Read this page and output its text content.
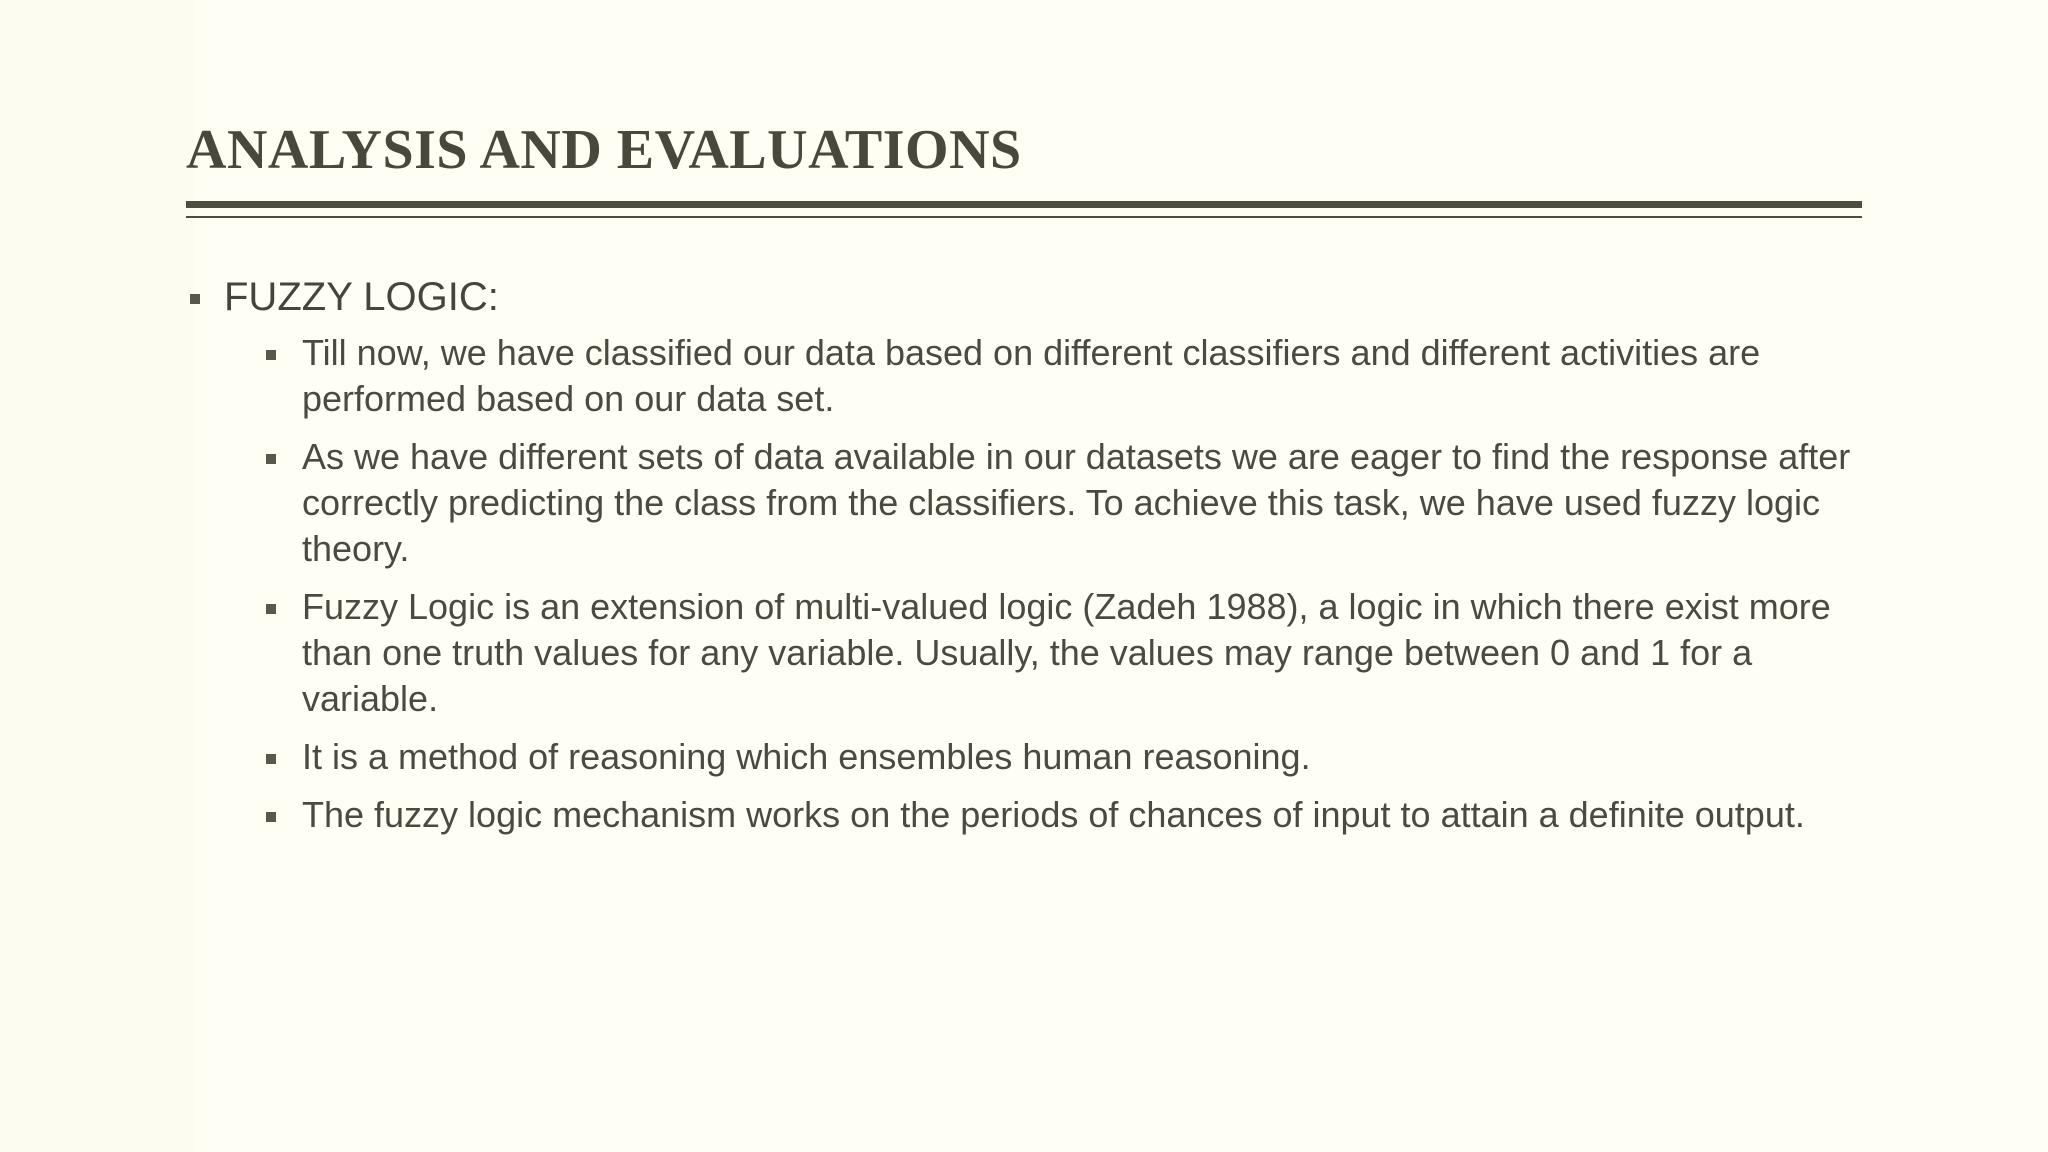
ANALYSIS AND EVALUATIONS
FUZZY LOGIC:
Till now, we have classified our data based on different classifiers and different activities are performed based on our data set.
As we have different sets of data available in our datasets we are eager to find the response after correctly predicting the class from the classifiers. To achieve this task, we have used fuzzy logic theory.
Fuzzy Logic is an extension of multi-valued logic (Zadeh 1988), a logic in which there exist more than one truth values for any variable. Usually, the values may range between 0 and 1 for a variable.
It is a method of reasoning which ensembles human reasoning.
The fuzzy logic mechanism works on the periods of chances of input to attain a definite output.
